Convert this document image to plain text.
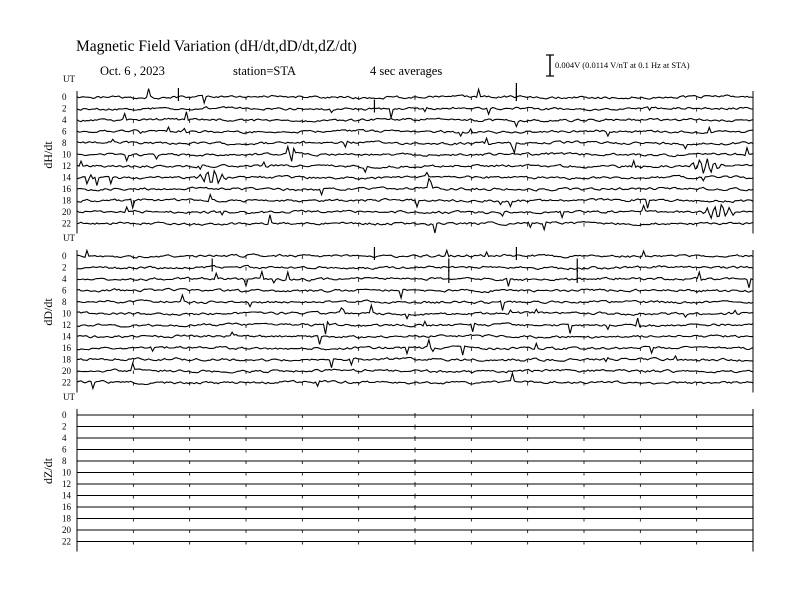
Magnetic Field Variation (dH/dt,dD/dt,dZ/dt)
Oct. 6 , 2023	station=STA	4 sec averages	0.004V (0.0114 V/nT at 0.1 Hz at STA)
UT
dH/dt
0
2
4
6
8
10
12
14
16
18
20
22
UT
dD/dt
0
2
4
6
8
10
12
14
16
18
20
22
UT
dZ/dt
0
2
4
6
8
10
12
14
16
18
20
22
